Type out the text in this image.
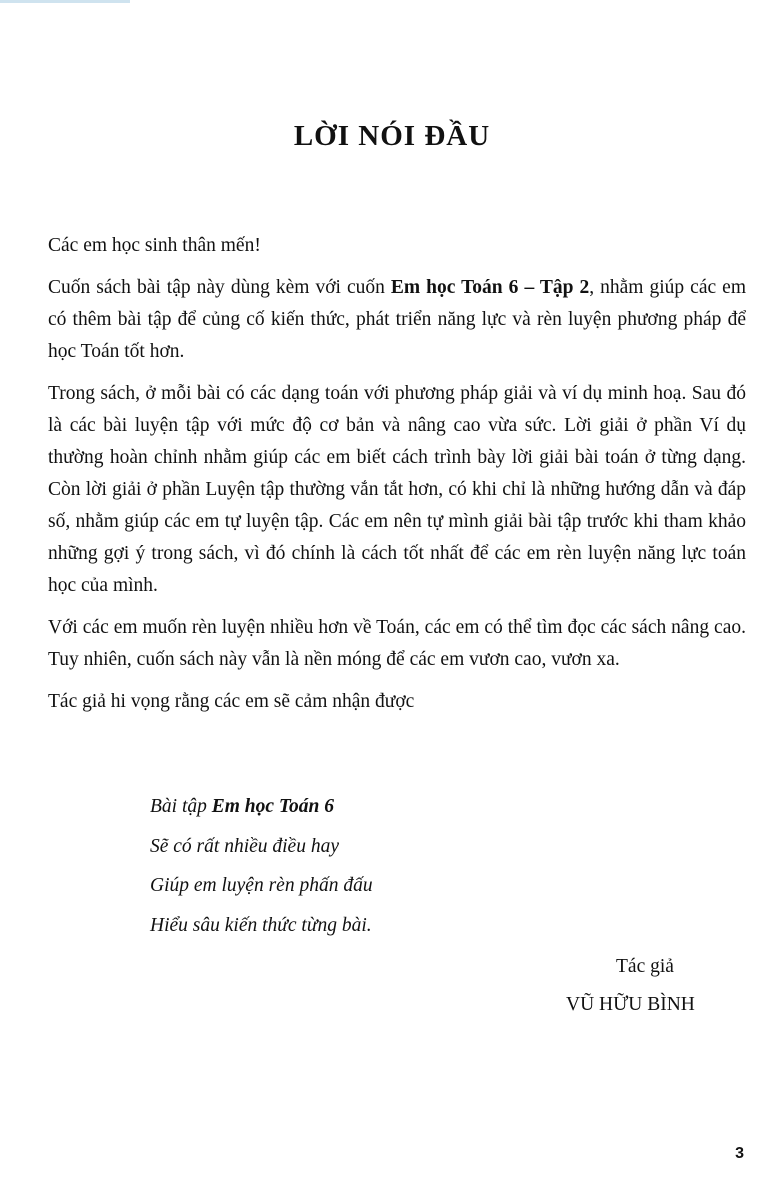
LỜI NÓI ĐẦU

Các em học sinh thân mến!

Cuốn sách bài tập này dùng kèm với cuốn Em học Toán 6 – Tập 2, nhằm giúp các em có thêm bài tập để củng cố kiến thức, phát triển năng lực và rèn luyện phương pháp để học Toán tốt hơn.

Trong sách, ở mỗi bài có các dạng toán với phương pháp giải và ví dụ minh hoạ. Sau đó là các bài luyện tập với mức độ cơ bản và nâng cao vừa sức. Lời giải ở phần Ví dụ thường hoàn chỉnh nhằm giúp các em biết cách trình bày lời giải bài toán ở từng dạng. Còn lời giải ở phần Luyện tập thường vắn tắt hơn, có khi chỉ là những hướng dẫn và đáp số, nhằm giúp các em tự luyện tập. Các em nên tự mình giải bài tập trước khi tham khảo những gợi ý trong sách, vì đó chính là cách tốt nhất để các em rèn luyện năng lực toán học của mình.

Với các em muốn rèn luyện nhiều hơn về Toán, các em có thể tìm đọc các sách nâng cao. Tuy nhiên, cuốn sách này vẫn là nền móng để các em vươn cao, vươn xa.

Tác giả hi vọng rằng các em sẽ cảm nhận được

Bài tập Em học Toán 6
Sẽ có rất nhiều điều hay
Giúp em luyện rèn phấn đấu
Hiểu sâu kiến thức từng bài.
Tác giả
VŨ HỮU BÌNH
3
